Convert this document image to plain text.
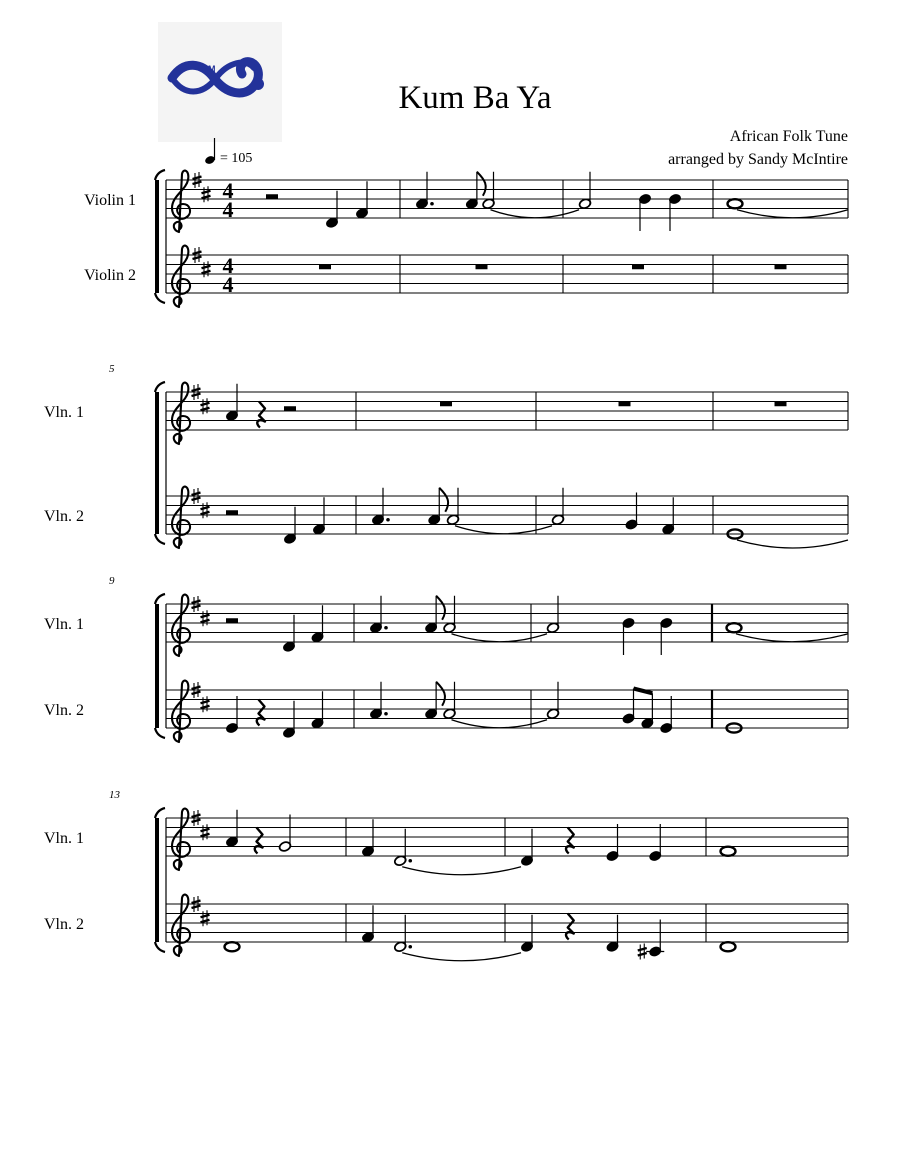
SM
Kum Ba Ya
African Folk Tune
arranged by Sandy McIntire
Violin 1
Violin 2
4
4
4
4
= 105
Vln. 1
Vln. 2
5
Vln. 1
Vln. 2
9
Vln. 1
Vln. 2
13
